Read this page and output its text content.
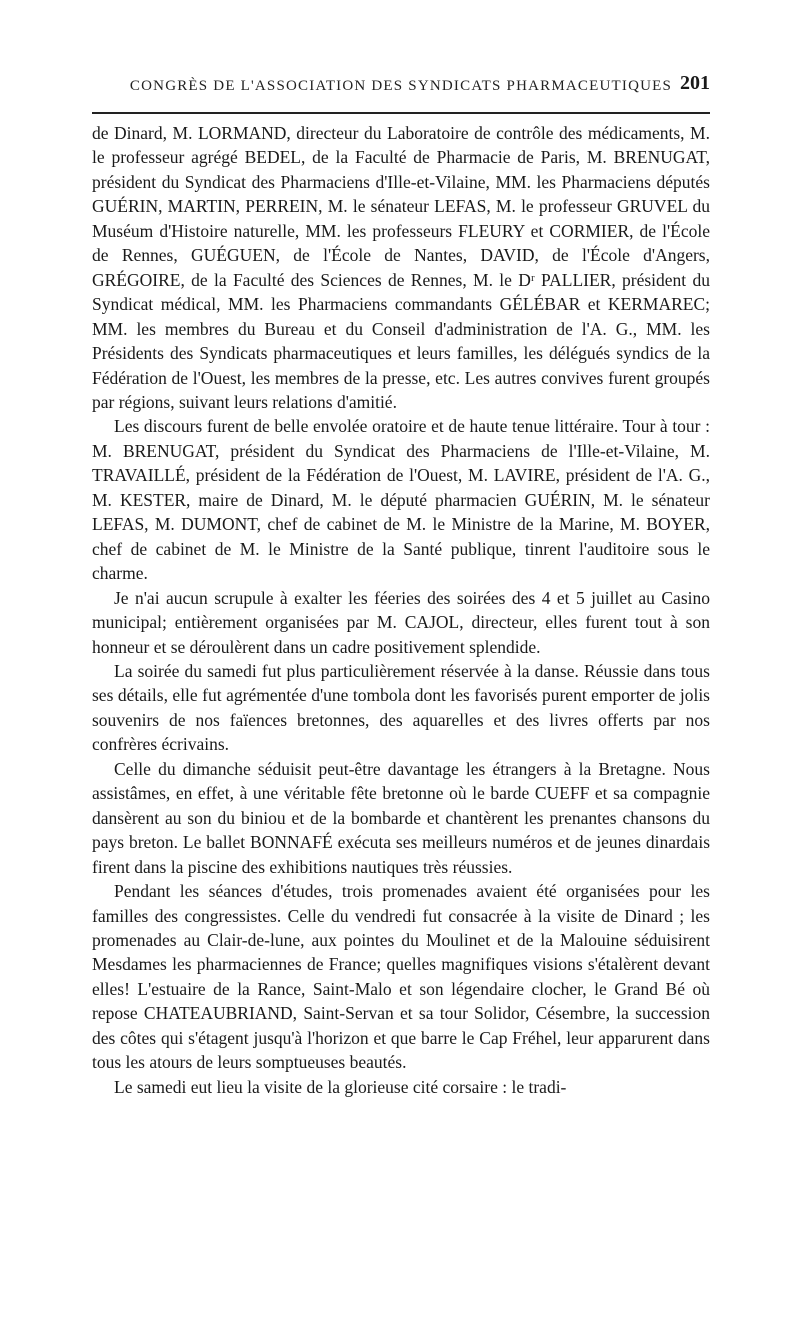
CONGRÈS DE L'ASSOCIATION DES SYNDICATS PHARMACEUTIQUES 201

de Dinard, M. LORMAND, directeur du Laboratoire de contrôle des médicaments, M. le professeur agrégé BEDEL, de la Faculté de Pharmacie de Paris, M. BRENUGAT, président du Syndicat des Pharmaciens d'Ille-et-Vilaine, MM. les Pharmaciens députés GUÉRIN, MARTIN, PERREIN, M. le sénateur LEFAS, M. le professeur GRUVEL du Muséum d'Histoire naturelle, MM. les professeurs FLEURY et CORMIER, de l'École de Rennes, GUÉGUEN, de l'École de Nantes, DAVID, de l'École d'Angers, GRÉGOIRE, de la Faculté des Sciences de Rennes, M. le Dʳ PALLIER, président du Syndicat médical, MM. les Pharmaciens commandants GÉLÉBAR et KERMAREC; MM. les membres du Bureau et du Conseil d'administration de l'A. G., MM. les Présidents des Syndicats pharmaceutiques et leurs familles, les délégués syndics de la Fédération de l'Ouest, les membres de la presse, etc. Les autres convives furent groupés par régions, suivant leurs relations d'amitié.

Les discours furent de belle envolée oratoire et de haute tenue littéraire. Tour à tour : M. BRENUGAT, président du Syndicat des Pharmaciens de l'Ille-et-Vilaine, M. TRAVAILLÉ, président de la Fédération de l'Ouest, M. LAVIRE, président de l'A. G., M. KESTER, maire de Dinard, M. le député pharmacien GUÉRIN, M. le sénateur LEFAS, M. DUMONT, chef de cabinet de M. le Ministre de la Marine, M. BOYER, chef de cabinet de M. le Ministre de la Santé publique, tinrent l'auditoire sous le charme.

Je n'ai aucun scrupule à exalter les féeries des soirées des 4 et 5 juillet au Casino municipal; entièrement organisées par M. CAJOL, directeur, elles furent tout à son honneur et se déroulèrent dans un cadre positivement splendide.

La soirée du samedi fut plus particulièrement réservée à la danse. Réussie dans tous ses détails, elle fut agrémentée d'une tombola dont les favorisés purent emporter de jolis souvenirs de nos faïences bretonnes, des aquarelles et des livres offerts par nos confrères écrivains.

Celle du dimanche séduisit peut-être davantage les étrangers à la Bretagne. Nous assistâmes, en effet, à une véritable fête bretonne où le barde CUEFF et sa compagnie dansèrent au son du biniou et de la bombarde et chantèrent les prenantes chansons du pays breton. Le ballet BONNAFÉ exécuta ses meilleurs numéros et de jeunes dinardais firent dans la piscine des exhibitions nautiques très réussies.

Pendant les séances d'études, trois promenades avaient été organisées pour les familles des congressistes. Celle du vendredi fut consacrée à la visite de Dinard ; les promenades au Clair-de-lune, aux pointes du Moulinet et de la Malouine séduisirent Mesdames les pharmaciennes de France; quelles magnifiques visions s'étalèrent devant elles! L'estuaire de la Rance, Saint-Malo et son légendaire clocher, le Grand Bé où repose CHATEAUBRIAND, Saint-Servan et sa tour Solidor, Césembre, la succession des côtes qui s'étagent jusqu'à l'horizon et que barre le Cap Fréhel, leur apparurent dans tous les atours de leurs somptueuses beautés.

Le samedi eut lieu la visite de la glorieuse cité corsaire : le tradi-
